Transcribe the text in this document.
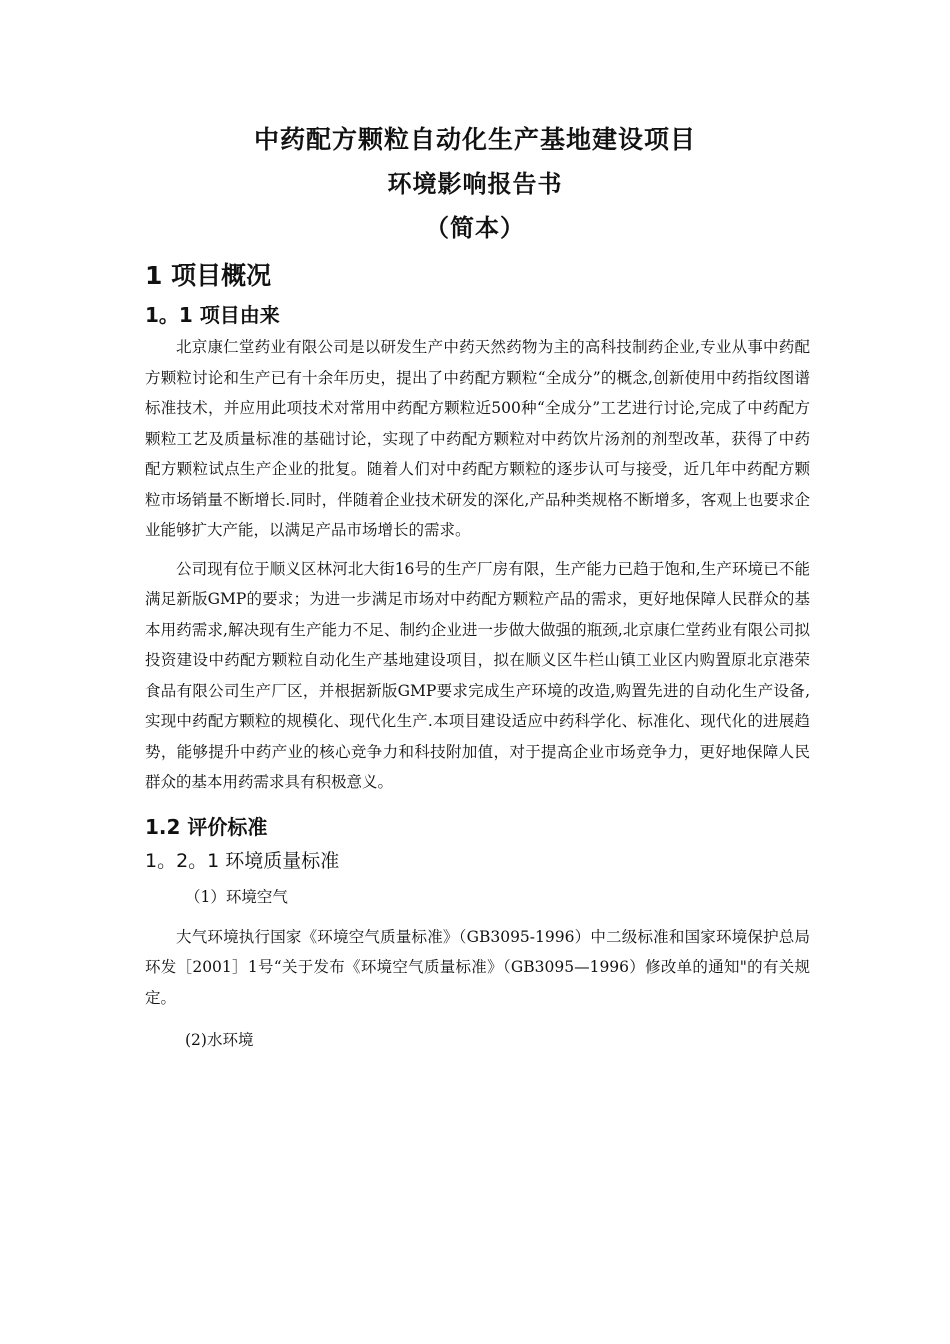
中药配方颗粒自动化生产基地建设项目
环境影响报告书
（简本）
1 项目概况
1。1 项目由来

北京康仁堂药业有限公司是以研发生产中药天然药物为主的高科技制药企业,专业从事中药配方颗粒讨论和生产已有十余年历史，提出了中药配方颗粒“全成分”的概念,创新使用中药指纹图谱标准技术，并应用此项技术对常用中药配方颗粒近500种“全成分”工艺进行讨论,完成了中药配方颗粒工艺及质量标准的基础讨论，实现了中药配方颗粒对中药饮片汤剂的剂型改革，获得了中药配方颗粒试点生产企业的批复。随着人们对中药配方颗粒的逐步认可与接受，近几年中药配方颗粒市场销量不断增长.同时，伴随着企业技术研发的深化,产品种类规格不断增多，客观上也要求企业能够扩大产能，以满足产品市场增长的需求。

公司现有位于顺义区林河北大街16号的生产厂房有限，生产能力已趋于饱和,生产环境已不能满足新版GMP的要求；为进一步满足市场对中药配方颗粒产品的需求，更好地保障人民群众的基本用药需求,解决现有生产能力不足、制约企业进一步做大做强的瓶颈,北京康仁堂药业有限公司拟投资建设中药配方颗粒自动化生产基地建设项目，拟在顺义区牛栏山镇工业区内购置原北京港荣食品有限公司生产厂区，并根据新版GMP要求完成生产环境的改造,购置先进的自动化生产设备,实现中药配方颗粒的规模化、现代化生产.本项目建设适应中药科学化、标准化、现代化的进展趋势，能够提升中药产业的核心竞争力和科技附加值，对于提高企业市场竞争力，更好地保障人民群众的基本用药需求具有积极意义。

1.2 评价标准
1。2。1 环境质量标准
（1）环境空气

大气环境执行国家《环境空气质量标准》（GB3095-1996）中二级标准和国家环境保护总局环发［2001］1号“关于发布《环境空气质量标准》（GB3095—1996）修改单的通知"的有关规定。

(2)水环境
